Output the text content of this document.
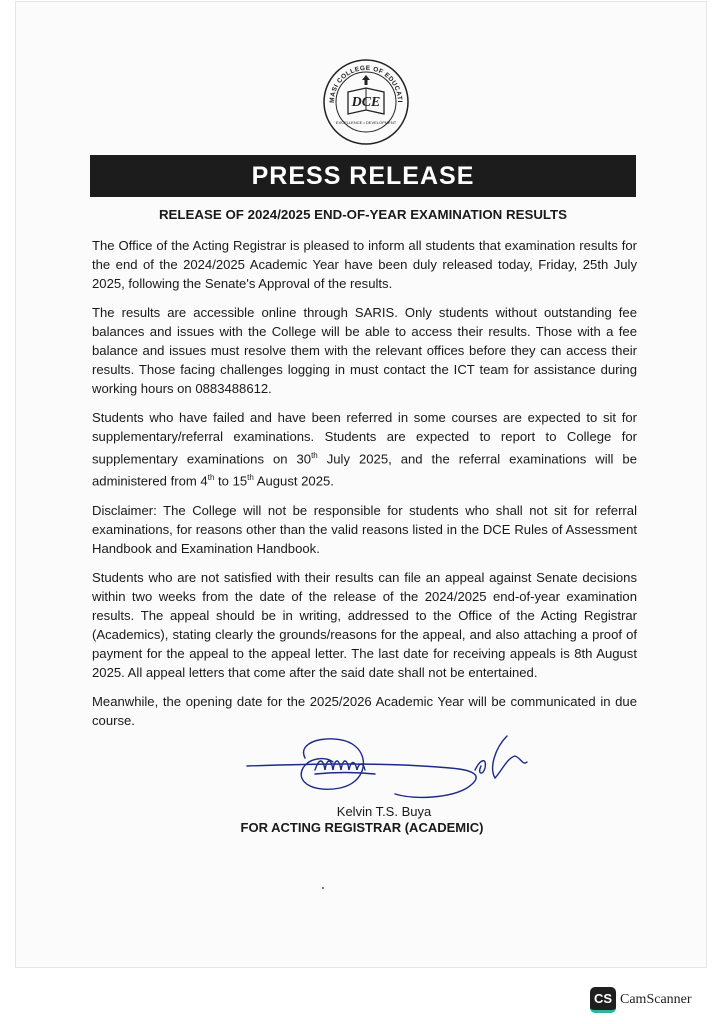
MASI COLLEGE OF EDUCATI
DCE
EXCELLENCE • DEVELOPMENT
PRESS RELEASE
RELEASE OF 2024/2025 END-OF-YEAR EXAMINATION RESULTS

The Office of the Acting Registrar is pleased to inform all students that examination results for the end of the 2024/2025 Academic Year have been duly released today, Friday, 25th July 2025, following the Senate's Approval of the results.

The results are accessible online through SARIS. Only students without outstanding fee balances and issues with the College will be able to access their results. Those with a fee balance and issues must resolve them with the relevant offices before they can access their results. Those facing challenges logging in must contact the ICT team for assistance during working hours on 0883488612.

Students who have failed and have been referred in some courses are expected to sit for supplementary/referral examinations. Students are expected to report to College for supplementary examinations on 30th July 2025, and the referral examinations will be administered from 4th to 15th August 2025.

Disclaimer: The College will not be responsible for students who shall not sit for referral examinations, for reasons other than the valid reasons listed in the DCE Rules of Assessment Handbook and Examination Handbook.

Students who are not satisfied with their results can file an appeal against Senate decisions within two weeks from the date of the release of the 2024/2025 end-of-year examination results. The appeal should be in writing, addressed to the Office of the Acting Registrar (Academics), stating clearly the grounds/reasons for the appeal, and also attaching a proof of payment for the appeal to the appeal letter. The last date for receiving appeals is 8th August 2025. All appeal letters that come after the said date shall not be entertained.

Meanwhile, the opening date for the 2025/2026 Academic Year will be communicated in due course.

Kelvin T.S. Buya
FOR ACTING REGISTRAR (ACADEMIC)
CS CamScanner
